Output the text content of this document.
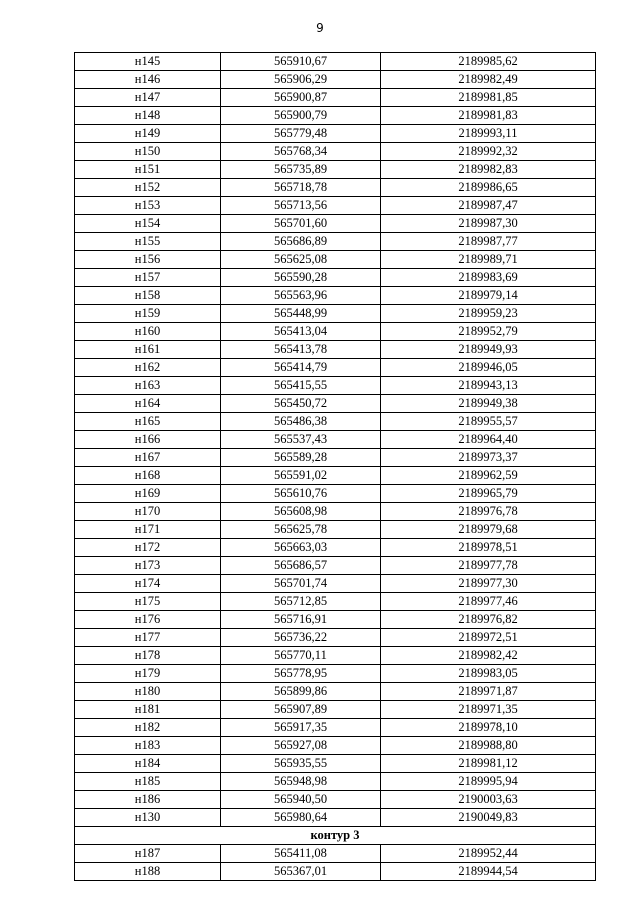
9
н145	565910,67	2189985,62
н146	565906,29	2189982,49
н147	565900,87	2189981,85
н148	565900,79	2189981,83
н149	565779,48	2189993,11
н150	565768,34	2189992,32
н151	565735,89	2189982,83
н152	565718,78	2189986,65
н153	565713,56	2189987,47
н154	565701,60	2189987,30
н155	565686,89	2189987,77
н156	565625,08	2189989,71
н157	565590,28	2189983,69
н158	565563,96	2189979,14
н159	565448,99	2189959,23
н160	565413,04	2189952,79
н161	565413,78	2189949,93
н162	565414,79	2189946,05
н163	565415,55	2189943,13
н164	565450,72	2189949,38
н165	565486,38	2189955,57
н166	565537,43	2189964,40
н167	565589,28	2189973,37
н168	565591,02	2189962,59
н169	565610,76	2189965,79
н170	565608,98	2189976,78
н171	565625,78	2189979,68
н172	565663,03	2189978,51
н173	565686,57	2189977,78
н174	565701,74	2189977,30
н175	565712,85	2189977,46
н176	565716,91	2189976,82
н177	565736,22	2189972,51
н178	565770,11	2189982,42
н179	565778,95	2189983,05
н180	565899,86	2189971,87
н181	565907,89	2189971,35
н182	565917,35	2189978,10
н183	565927,08	2189988,80
н184	565935,55	2189981,12
н185	565948,98	2189995,94
н186	565940,50	2190003,63
н130	565980,64	2190049,83
контур 3		
н187	565411,08	2189952,44
н188	565367,01	2189944,54
